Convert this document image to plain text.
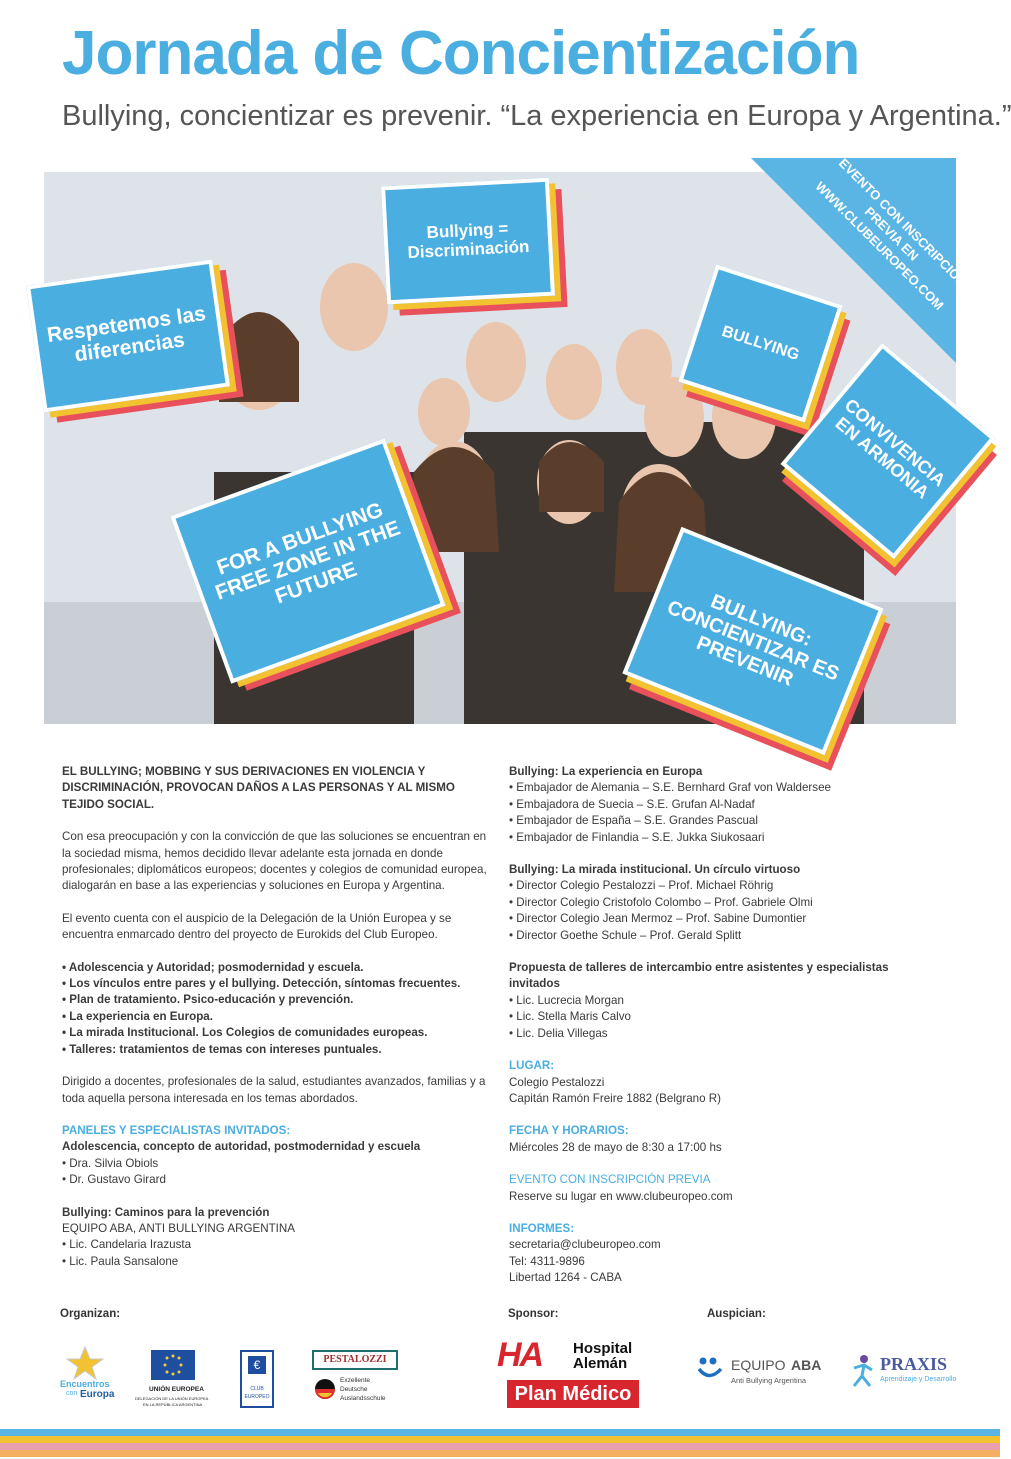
Jornada de Concientización
Bullying, concientizar es prevenir. “La experiencia en Europa y Argentina.”
Respetemos las diferencias
Bullying = Discriminación
BULLYING
CONVIVENCIA EN ARMONIA
FOR A BULLYING FREE ZONE IN THE FUTURE
BULLYING: CONCIENTIZAR ES PREVENIR
EVENTO CON INSCRIPCIÓN PREVIA EN WWW.CLUBEUROPEO.COM

EL BULLYING; MOBBING Y SUS DERIVACIONES EN VIOLENCIA Y DISCRIMINACIÓN, PROVOCAN DAÑOS A LAS PERSONAS Y AL MISMO TEJIDO SOCIAL.

Con esa preocupación y con la convicción de que las soluciones se encuentran en la sociedad misma, hemos decidido llevar adelante esta jornada en donde profesionales; diplomáticos europeos; docentes y colegios de comunidad europea, dialogarán en base a las experiencias y soluciones en Europa y Argentina.

El evento cuenta con el auspicio de la Delegación de la Unión Europea y se encuentra enmarcado dentro del proyecto de Eurokids del Club Europeo.

• Adolescencia y Autoridad; posmodernidad y escuela.

• Los vínculos entre pares y el bullying. Detección, síntomas frecuentes.

• Plan de tratamiento. Psico-educación y prevención.

• La experiencia en Europa.

• La mirada Institucional. Los Colegios de comunidades europeas.

• Talleres: tratamientos de temas con intereses puntuales.

Dirigido a docentes, profesionales de la salud, estudiantes avanzados, familias y a toda aquella persona interesada en los temas abordados.

PANELES Y ESPECIALISTAS INVITADOS:

Adolescencia, concepto de autoridad, postmodernidad y escuela

• Dra. Silvia Obiols

• Dr. Gustavo Girard

Bullying: Caminos para la prevención

EQUIPO ABA, ANTI BULLYING ARGENTINA

• Lic. Candelaria Irazusta

• Lic. Paula Sansalone

Bullying: La experiencia en Europa

• Embajador de Alemania – S.E. Bernhard Graf von Waldersee

• Embajadora de Suecia – S.E. Grufan Al-Nadaf

• Embajador de España – S.E. Grandes Pascual

• Embajador de Finlandia – S.E. Jukka Siukosaari

Bullying: La mirada institucional. Un círculo virtuoso

• Director Colegio Pestalozzi – Prof. Michael Röhrig

• Director Colegio Cristofolo Colombo – Prof. Gabriele Olmi

• Director Colegio Jean Mermoz – Prof. Sabine Dumontier

• Director Goethe Schule – Prof. Gerald Splitt

Propuesta de talleres de intercambio entre asistentes y especialistas invitados

• Lic. Lucrecia Morgan

• Lic. Stella Maris Calvo

• Lic. Delia Villegas

LUGAR:

Colegio Pestalozzi

Capitán Ramón Freire 1882 (Belgrano R)

FECHA Y HORARIOS:

Miércoles 28 de mayo de 8:30 a 17:00 hs

EVENTO CON INSCRIPCIÓN PREVIA

Reserve su lugar en www.clubeuropeo.com

INFORMES:

secretaria@clubeuropeo.com

Tel: 4311-9896

Libertad 1264 - CABA

Organizan:	Sponsor:	Auspician:
Encuentros
con Europa	UNIÓN EUROPEA
DELEGACIÓN DE LA UNIÓN EUROPEA
EN LA REPÚBLICA ARGENTINA
€
CLUB
EUROPEO
PESTALOZZI
Exzellente
Deutsche
Auslandsschule
HA Hospital
Alemán
Plan Médico
EQUIPO ABA
Anti Bullying Argentina
PRAXIS
Aprendizaje y Desarrollo
